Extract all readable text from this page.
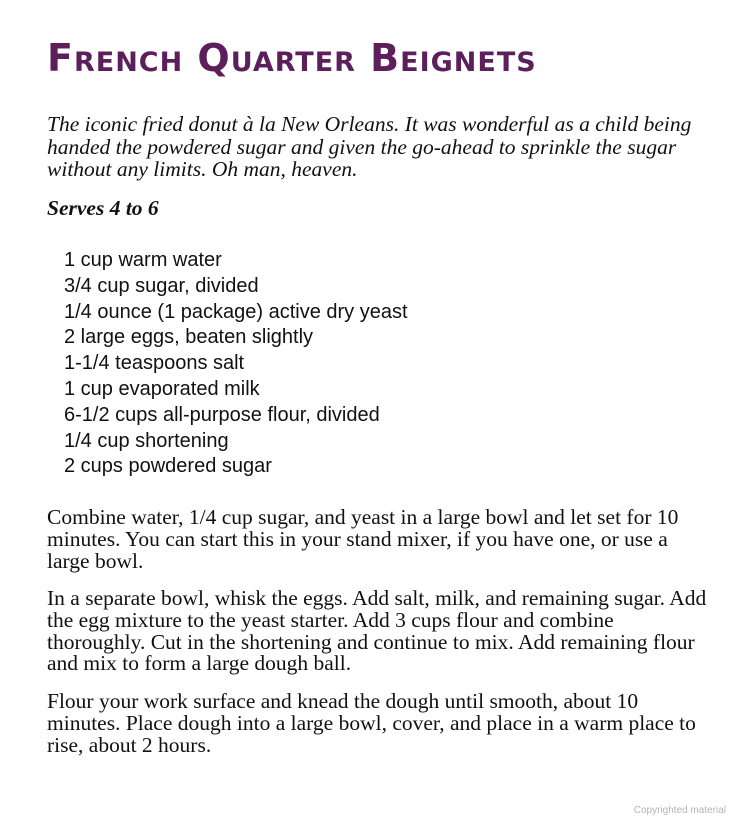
French Quarter Beignets

The iconic fried donut à la New Orleans. It was wonderful as a child being handed the powdered sugar and given the go-ahead to sprinkle the sugar without any limits. Oh man, heaven.

Serves 4 to 6

1 cup warm water
3/4 cup sugar, divided
1/4 ounce (1 package) active dry yeast
2 large eggs, beaten slightly
1-1/4 teaspoons salt
1 cup evaporated milk
6-1/2 cups all-purpose flour, divided
1/4 cup shortening
2 cups powdered sugar

Combine water, 1/4 cup sugar, and yeast in a large bowl and let set for 10 minutes. You can start this in your stand mixer, if you have one, or use a large bowl.

In a separate bowl, whisk the eggs. Add salt, milk, and remaining sugar. Add the egg mixture to the yeast starter. Add 3 cups flour and combine thoroughly. Cut in the shortening and continue to mix. Add remaining flour and mix to form a large dough ball.

Flour your work surface and knead the dough until smooth, about 10 minutes. Place dough into a large bowl, cover, and place in a warm place to rise, about 2 hours.

Copyrighted material
